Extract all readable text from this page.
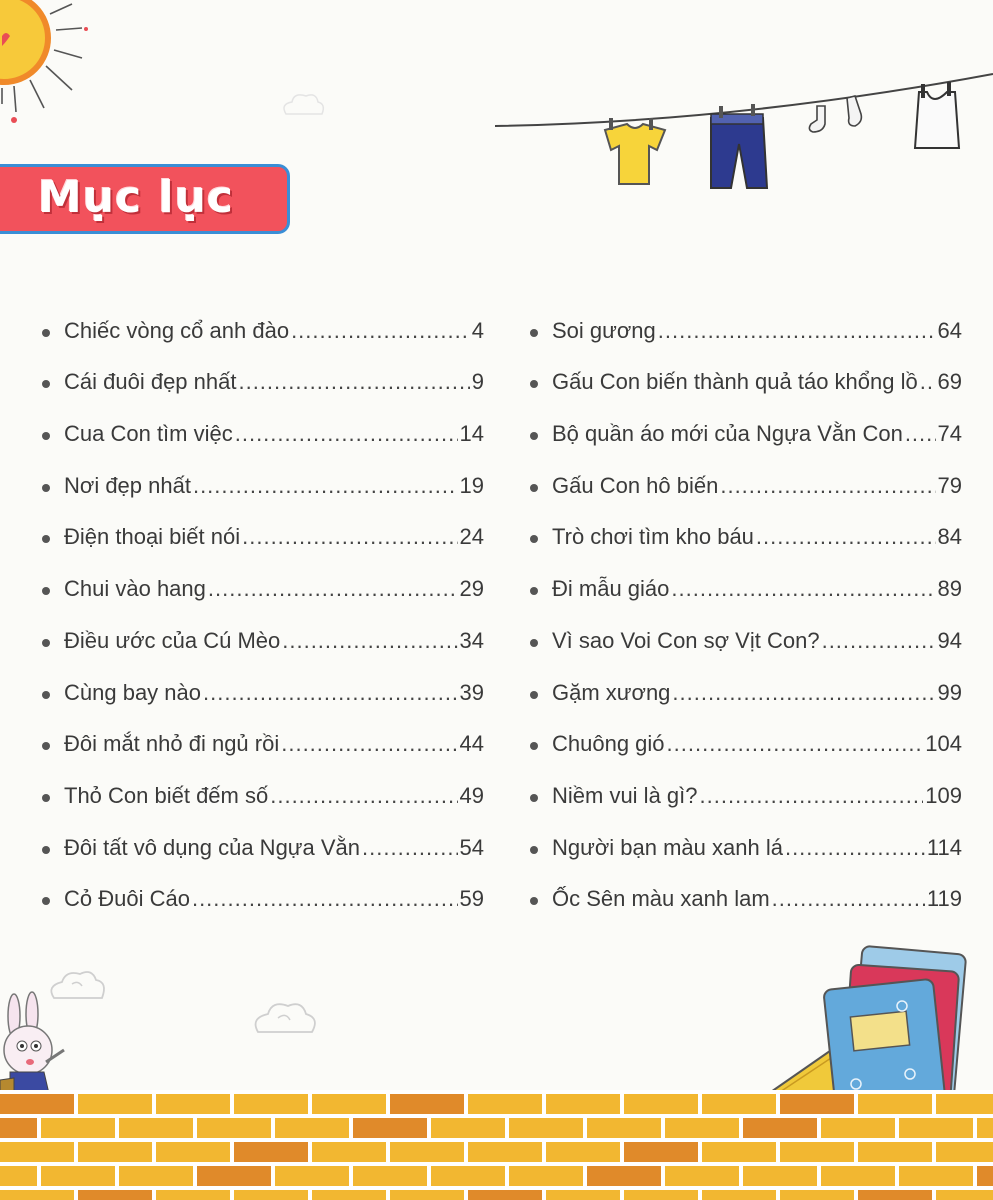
Mục lục
Chiếc vòng cổ anh đào .....	4
Cái đuôi đẹp nhất .....	9
Cua Con tìm việc .....	14
Nơi đẹp nhất .....	19
Điện thoại biết nói .....	24
Chui vào hang .....	29
Điều ước của Cú Mèo .....	34
Cùng bay nào .....	39
Đôi mắt nhỏ đi ngủ rồi .....	44
Thỏ Con biết đếm số .....	49
Đôi tất vô dụng của Ngựa Vằn .....	54
Cỏ Đuôi Cáo .....	59
Soi gương .....	64
Gấu Con biến thành quả táo khổng lồ ..... 69
Bộ quần áo mới của Ngựa Vằn Con ..... 74
Gấu Con hô biến .....	79
Trò chơi tìm kho báu .....	84
Đi mẫu giáo .....	89
Vì sao Voi Con sợ Vịt Con? .....	94
Gặm xương .....	99
Chuông gió .....	104
Niềm vui là gì? .....	109
Người bạn màu xanh lá .....	114
Ốc Sên màu xanh lam .....	119
